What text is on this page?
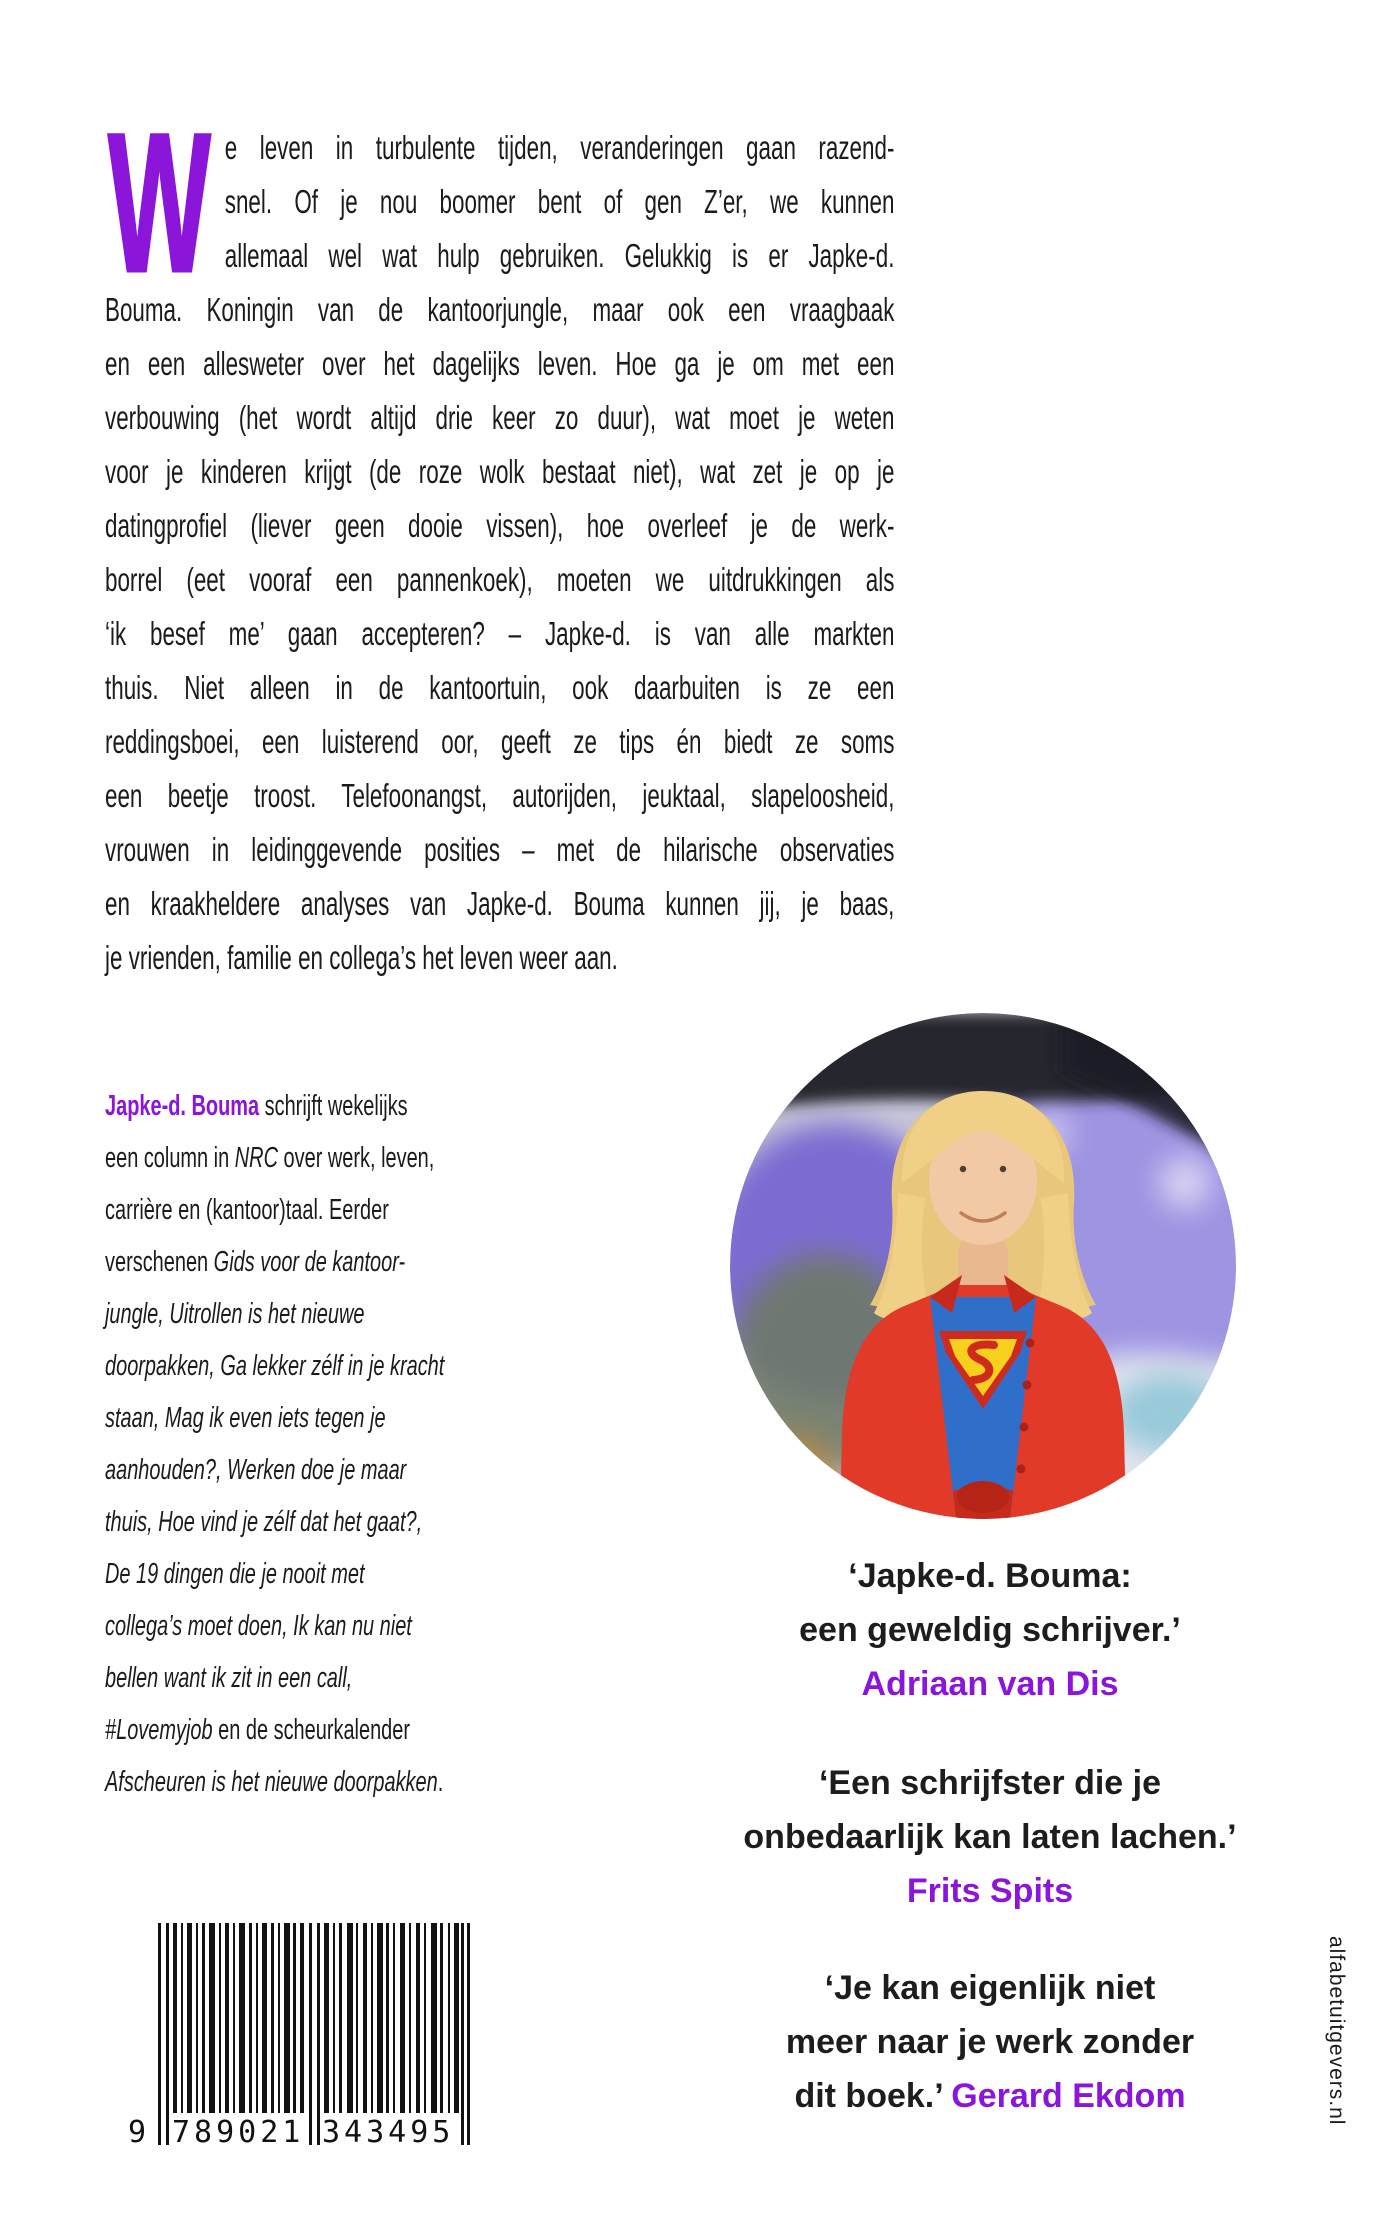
W e leven in turbulente tijden, veranderingen gaan razend-
snel. Of je nou boomer bent of gen Z’er, we kunnen
allemaal wel wat hulp gebruiken. Gelukkig is er Japke-d.
Bouma. Koningin van de kantoorjungle, maar ook een vraagbaak
en een allesweter over het dagelijks leven. Hoe ga je om met een
verbouwing (het wordt altijd drie keer zo duur), wat moet je weten
voor je kinderen krijgt (de roze wolk bestaat niet), wat zet je op je
datingprofiel (liever geen dooie vissen), hoe overleef je de werk-
borrel (eet vooraf een pannenkoek), moeten we uitdrukkingen als
‘ik besef me’ gaan accepteren? – Japke-d. is van alle markten
thuis. Niet alleen in de kantoortuin, ook daarbuiten is ze een
reddingsboei, een luisterend oor, geeft ze tips én biedt ze soms
een beetje troost. Telefoonangst, autorijden, jeuktaal, slapeloosheid,
vrouwen in leidinggevende posities – met de hilarische observaties
en kraakheldere analyses van Japke-d. Bouma kunnen jij, je baas,
je vrienden, familie en collega’s het leven weer aan.
Japke-d. Bouma schrijft wekelijks
een column in NRC over werk, leven,
carrière en (kantoor)taal. Eerder
verschenen Gids voor de kantoor-
jungle, Uitrollen is het nieuwe
doorpakken, Ga lekker zélf in je kracht
staan, Mag ik even iets tegen je
aanhouden?, Werken doe je maar
thuis, Hoe vind je zélf dat het gaat?,
De 19 dingen die je nooit met
collega’s moet doen, Ik kan nu niet
bellen want ik zit in een call,
#Lovemyjob en de scheurkalender
Afscheuren is het nieuwe doorpakken.
‘Japke-d. Bouma:
een geweldig schrijver.’
Adriaan van Dis
‘Een schrijfster die je
onbedaarlijk kan laten lachen.’
Frits Spits
‘Je kan eigenlijk niet
meer naar je werk zonder
dit boek.’ Gerard Ekdom
9 789021 343495
alfabetuitgevers.nl
